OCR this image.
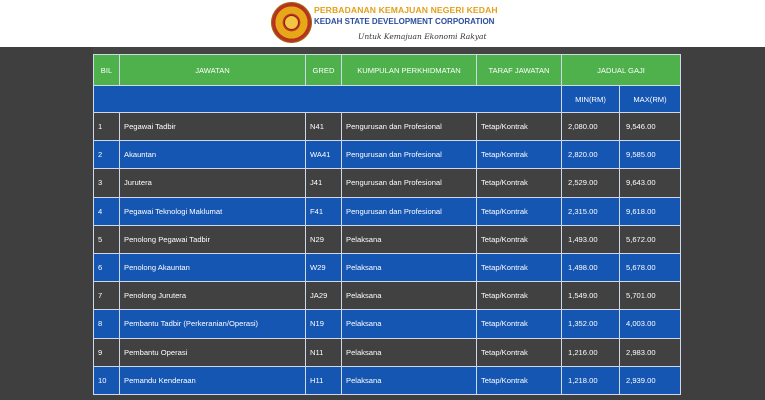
PERBADANAN KEMAJUAN NEGERI KEDAH
KEDAH STATE DEVELOPMENT CORPORATION
Untuk Kemajuan Ekonomi Rakyat
BIL	JAWATAN	GRED	KUMPULAN PERKHIDMATAN	TARAF JAWATAN	JADUAL GAJI	
					MIN(RM)	MAX(RM)
1	Pegawai Tadbir	N41	Pengurusan dan Profesional	Tetap/Kontrak	2,080.00	9,546.00
2	Akauntan	WA41	Pengurusan dan Profesional	Tetap/Kontrak	2,820.00	9,585.00
3	Jurutera	J41	Pengurusan dan Profesional	Tetap/Kontrak	2,529.00	9,643.00
4	Pegawai Teknologi Maklumat	F41	Pengurusan dan Profesional	Tetap/Kontrak	2,315.00	9,618.00
5	Penolong Pegawai Tadbir	N29	Pelaksana	Tetap/Kontrak	1,493.00	5,672.00
6	Penolong Akauntan	W29	Pelaksana	Tetap/Kontrak	1,498.00	5,678.00
7	Penolong Jurutera	JA29	Pelaksana	Tetap/Kontrak	1,549.00	5,701.00
8	Pembantu Tadbir (Perkeranian/Operasi)	N19	Pelaksana	Tetap/Kontrak	1,352.00	4,003.00
9	Pembantu Operasi	N11	Pelaksana	Tetap/Kontrak	1,216.00	2,983.00
10	Pemandu Kenderaan	H11	Pelaksana	Tetap/Kontrak	1,218.00	2,939.00
